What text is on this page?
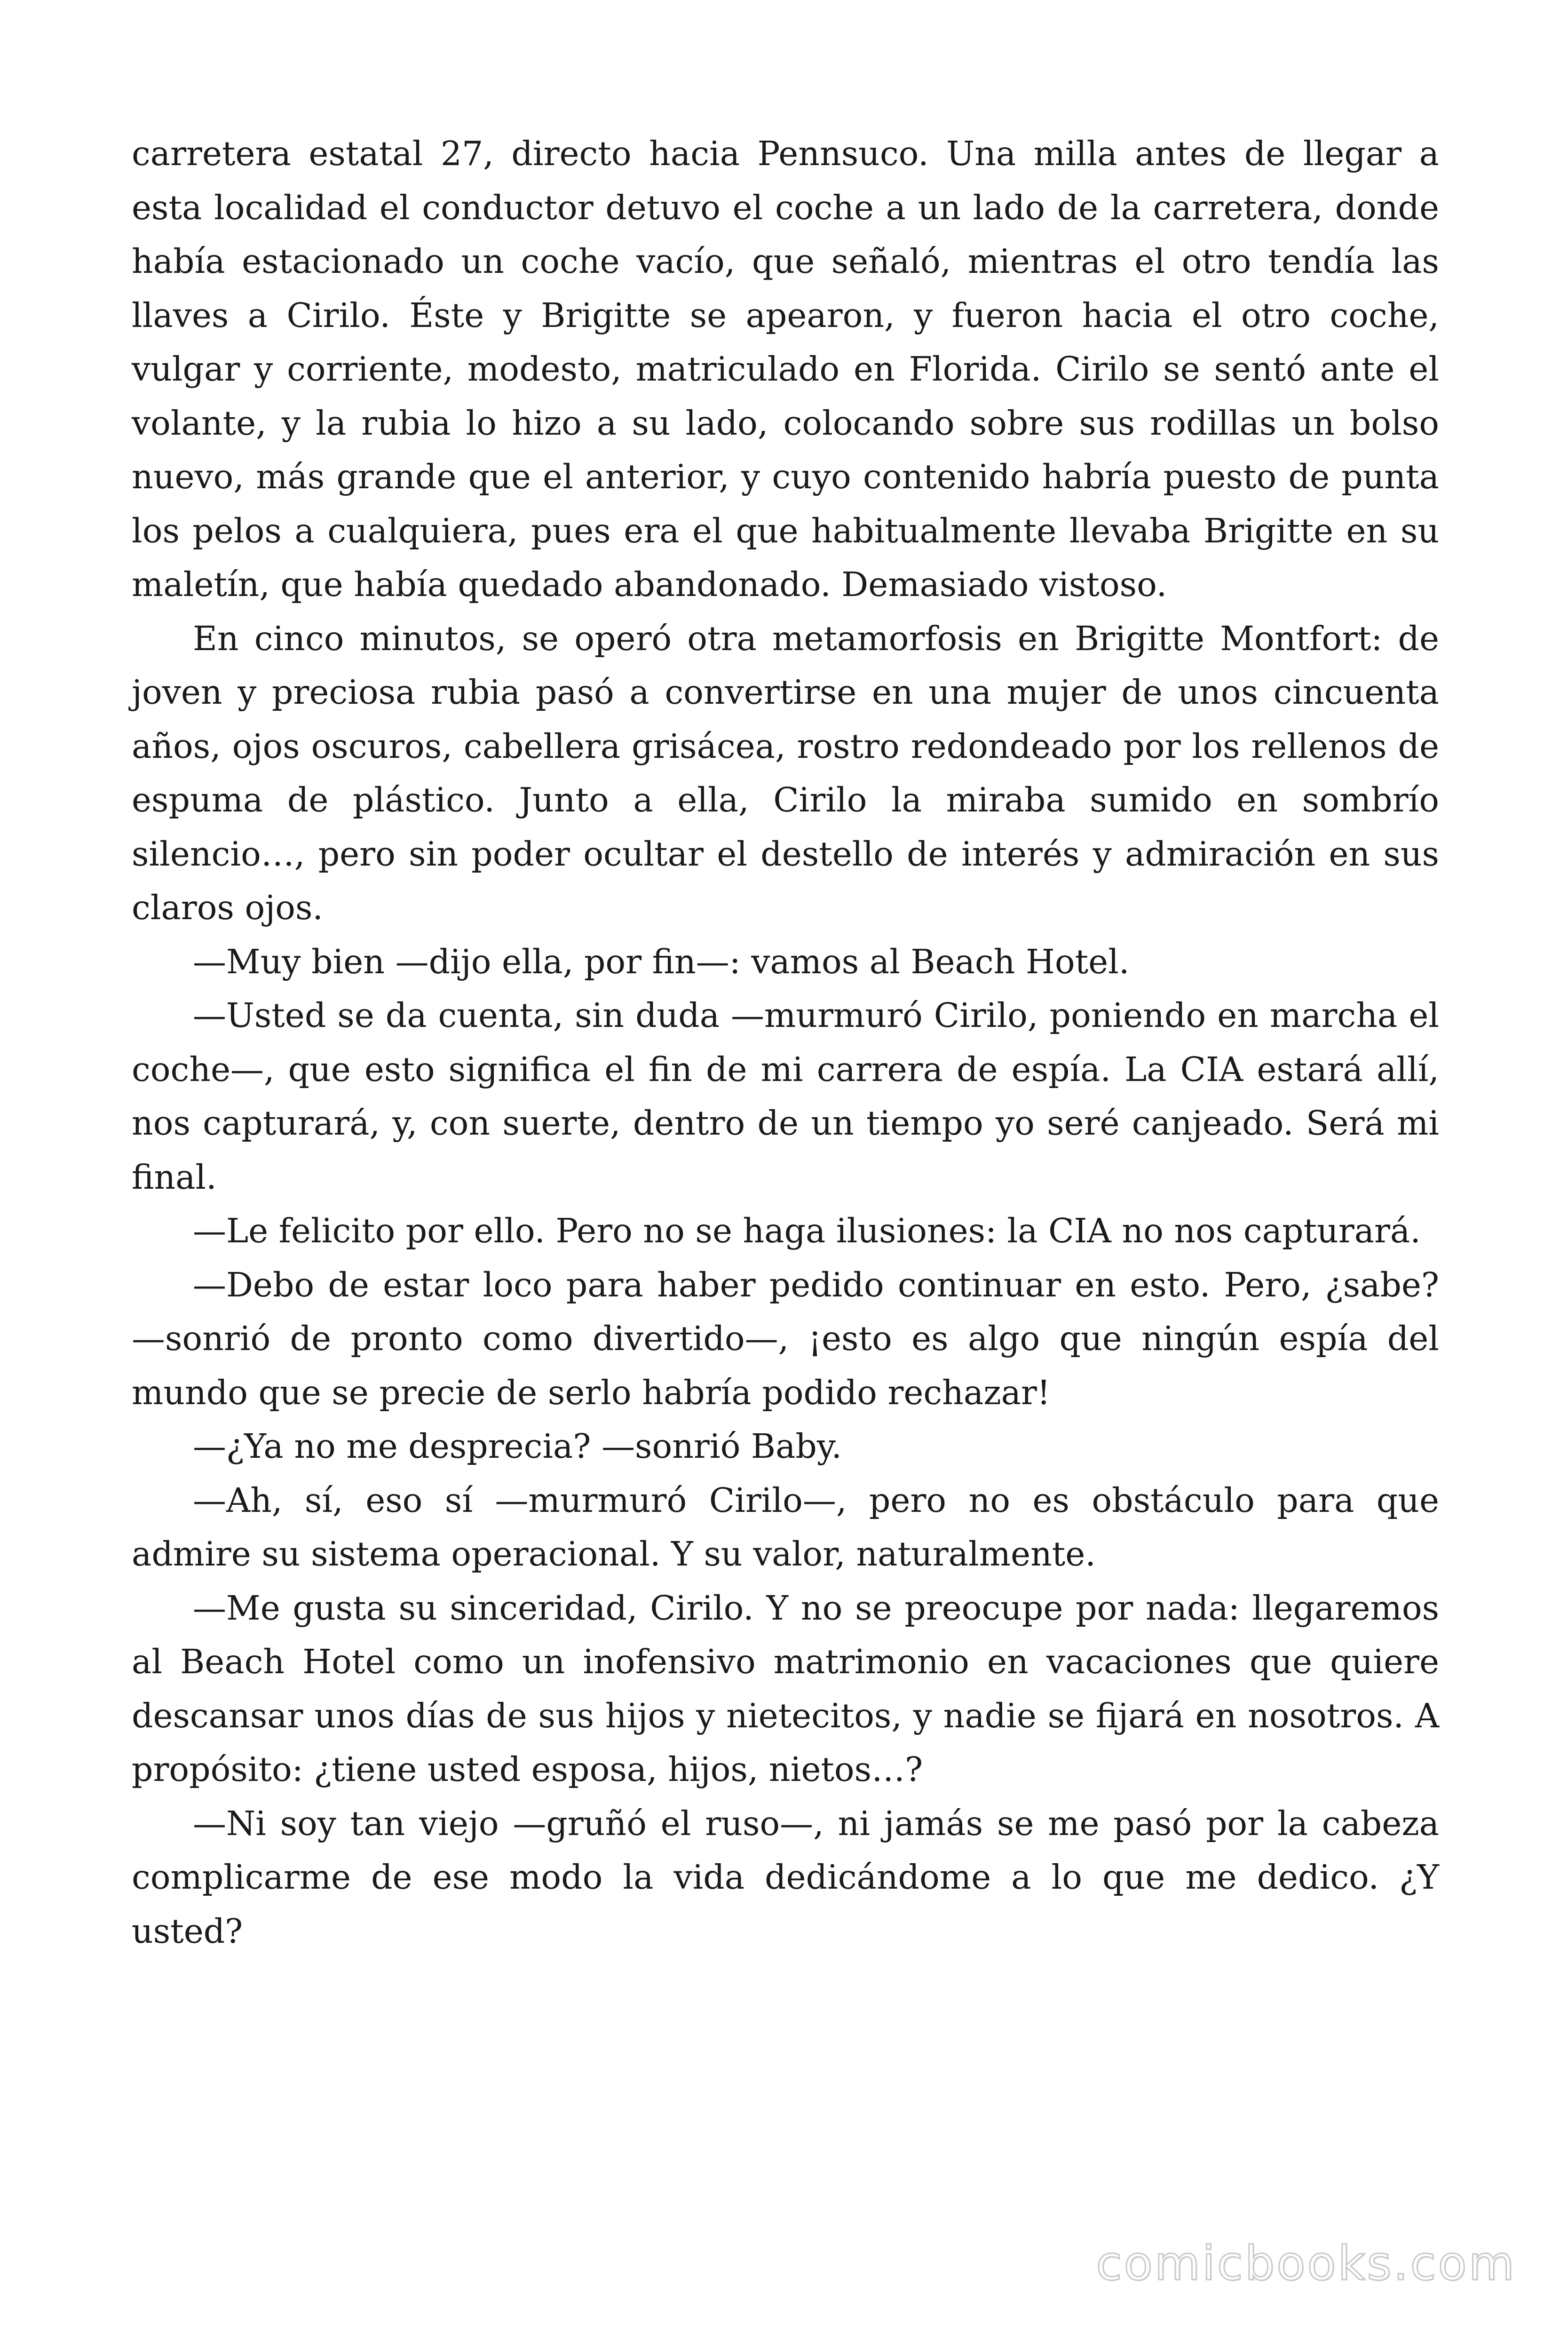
carretera estatal 27, directo hacia Pennsuco. Una milla antes de llegar a esta localidad el conductor detuvo el coche a un lado de la carretera, donde había estacionado un coche vacío, que señaló, mientras el otro tendía las llaves a Cirilo. Éste y Brigitte se apearon, y fueron hacia el otro coche, vulgar y corriente, modesto, matriculado en Florida. Cirilo se sentó ante el volante, y la rubia lo hizo a su lado, colocando sobre sus rodillas un bolso nuevo, más grande que el anterior, y cuyo contenido habría puesto de punta los pelos a cualquiera, pues era el que habitualmente llevaba Brigitte en su maletín, que había quedado abandonado. Demasiado vistoso.

En cinco minutos, se operó otra metamorfosis en Brigitte Montfort: de joven y preciosa rubia pasó a convertirse en una mujer de unos cincuenta años, ojos oscuros, cabellera grisácea, rostro redondeado por los rellenos de espuma de plástico. Junto a ella, Cirilo la miraba sumido en sombrío silencio…, pero sin poder ocultar el destello de interés y admiración en sus claros ojos.

—Muy bien —dijo ella, por fin—: vamos al Beach Hotel.

—Usted se da cuenta, sin duda —murmuró Cirilo, poniendo en marcha el coche—, que esto significa el fin de mi carrera de espía. La CIA estará allí, nos capturará, y, con suerte, dentro de un tiempo yo seré canjeado. Será mi final.

—Le felicito por ello. Pero no se haga ilusiones: la CIA no nos capturará.

—Debo de estar loco para haber pedido continuar en esto. Pero, ¿sabe? —sonrió de pronto como divertido—, ¡esto es algo que ningún espía del mundo que se precie de serlo habría podido rechazar!

—¿Ya no me desprecia? —sonrió Baby.

—Ah, sí, eso sí —murmuró Cirilo—, pero no es obstáculo para que admire su sistema operacional. Y su valor, naturalmente.

—Me gusta su sinceridad, Cirilo. Y no se preocupe por nada: llegaremos al Beach Hotel como un inofensivo matrimonio en vacaciones que quiere descansar unos días de sus hijos y nietecitos, y nadie se fijará en nosotros. A propósito: ¿tiene usted esposa, hijos, nietos…?

—Ni soy tan viejo —gruñó el ruso—, ni jamás se me pasó por la cabeza complicarme de ese modo la vida dedicándome a lo que me dedico. ¿Y usted?

comicbooks.com
